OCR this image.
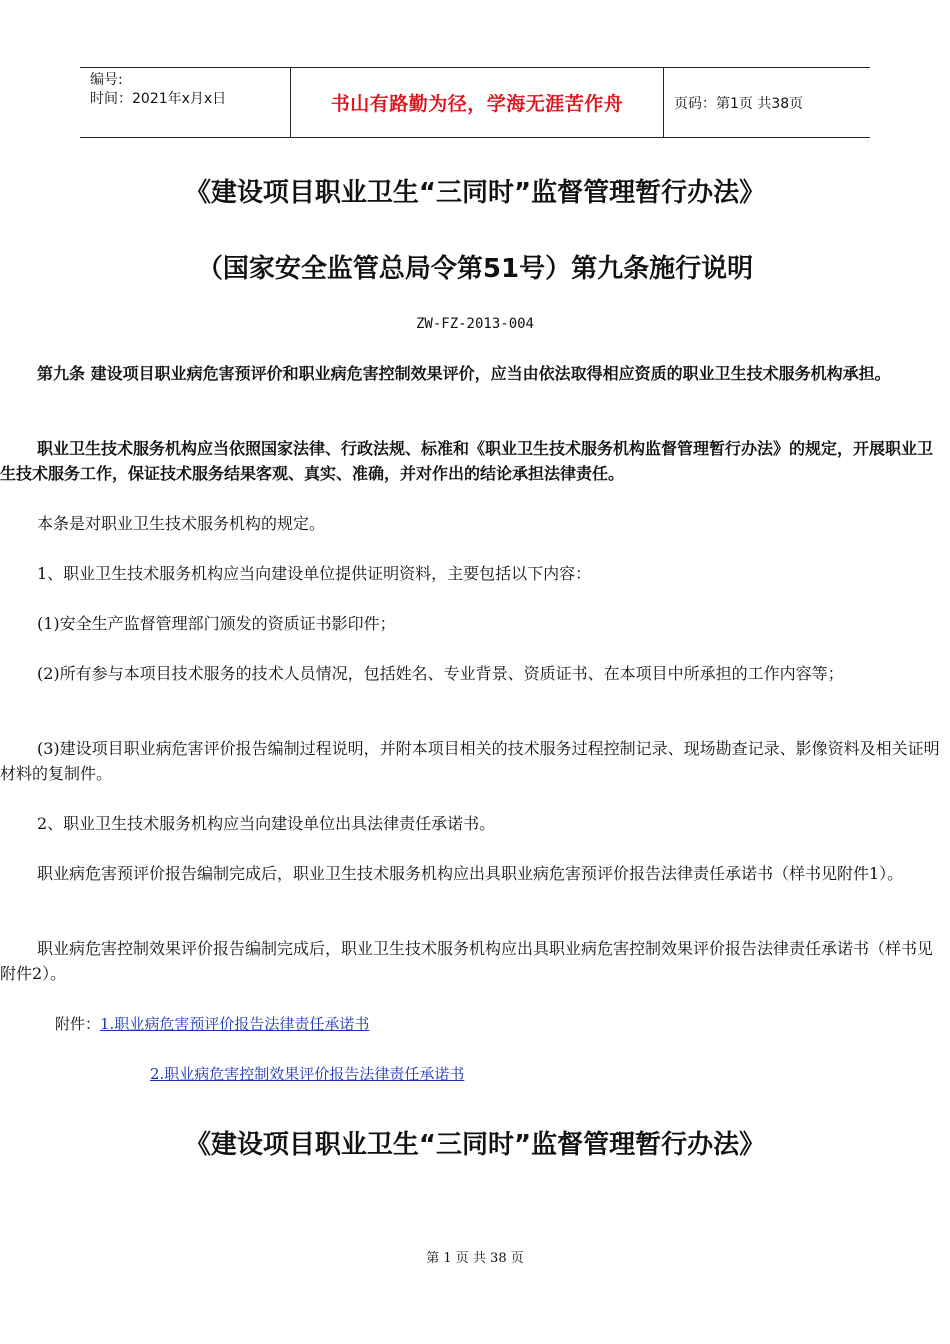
编号:
时间：2021年x月x日	书山有路勤为径，学海无涯苦作舟	页码：第1页 共38页
《建设项目职业卫生“三同时”监督管理暂行办法》
（国家安全监管总局令第51号）第九条施行说明
ZW-FZ-2013-004

第九条 建设项目职业病危害预评价和职业病危害控制效果评价，应当由依法取得相应资质的职业卫生技术服务机构承担。

职业卫生技术服务机构应当依照国家法律、行政法规、标准和《职业卫生技术服务机构监督管理暂行办法》的规定，开展职业卫生技术服务工作，保证技术服务结果客观、真实、准确，并对作出的结论承担法律责任。

本条是对职业卫生技术服务机构的规定。

1、职业卫生技术服务机构应当向建设单位提供证明资料，主要包括以下内容：

(1)安全生产监督管理部门颁发的资质证书影印件；

(2)所有参与本项目技术服务的技术人员情况，包括姓名、专业背景、资质证书、在本项目中所承担的工作内容等；

(3)建设项目职业病危害评价报告编制过程说明，并附本项目相关的技术服务过程控制记录、现场勘查记录、影像资料及相关证明材料的复制件。

2、职业卫生技术服务机构应当向建设单位出具法律责任承诺书。

职业病危害预评价报告编制完成后，职业卫生技术服务机构应出具职业病危害预评价报告法律责任承诺书（样书见附件1）。

职业病危害控制效果评价报告编制完成后，职业卫生技术服务机构应出具职业病危害控制效果评价报告法律责任承诺书（样书见附件2）。

附件：1.职业病危害预评价报告法律责任承诺书
2.职业病危害控制效果评价报告法律责任承诺书
《建设项目职业卫生“三同时”监督管理暂行办法》
第 1 页 共 38 页
